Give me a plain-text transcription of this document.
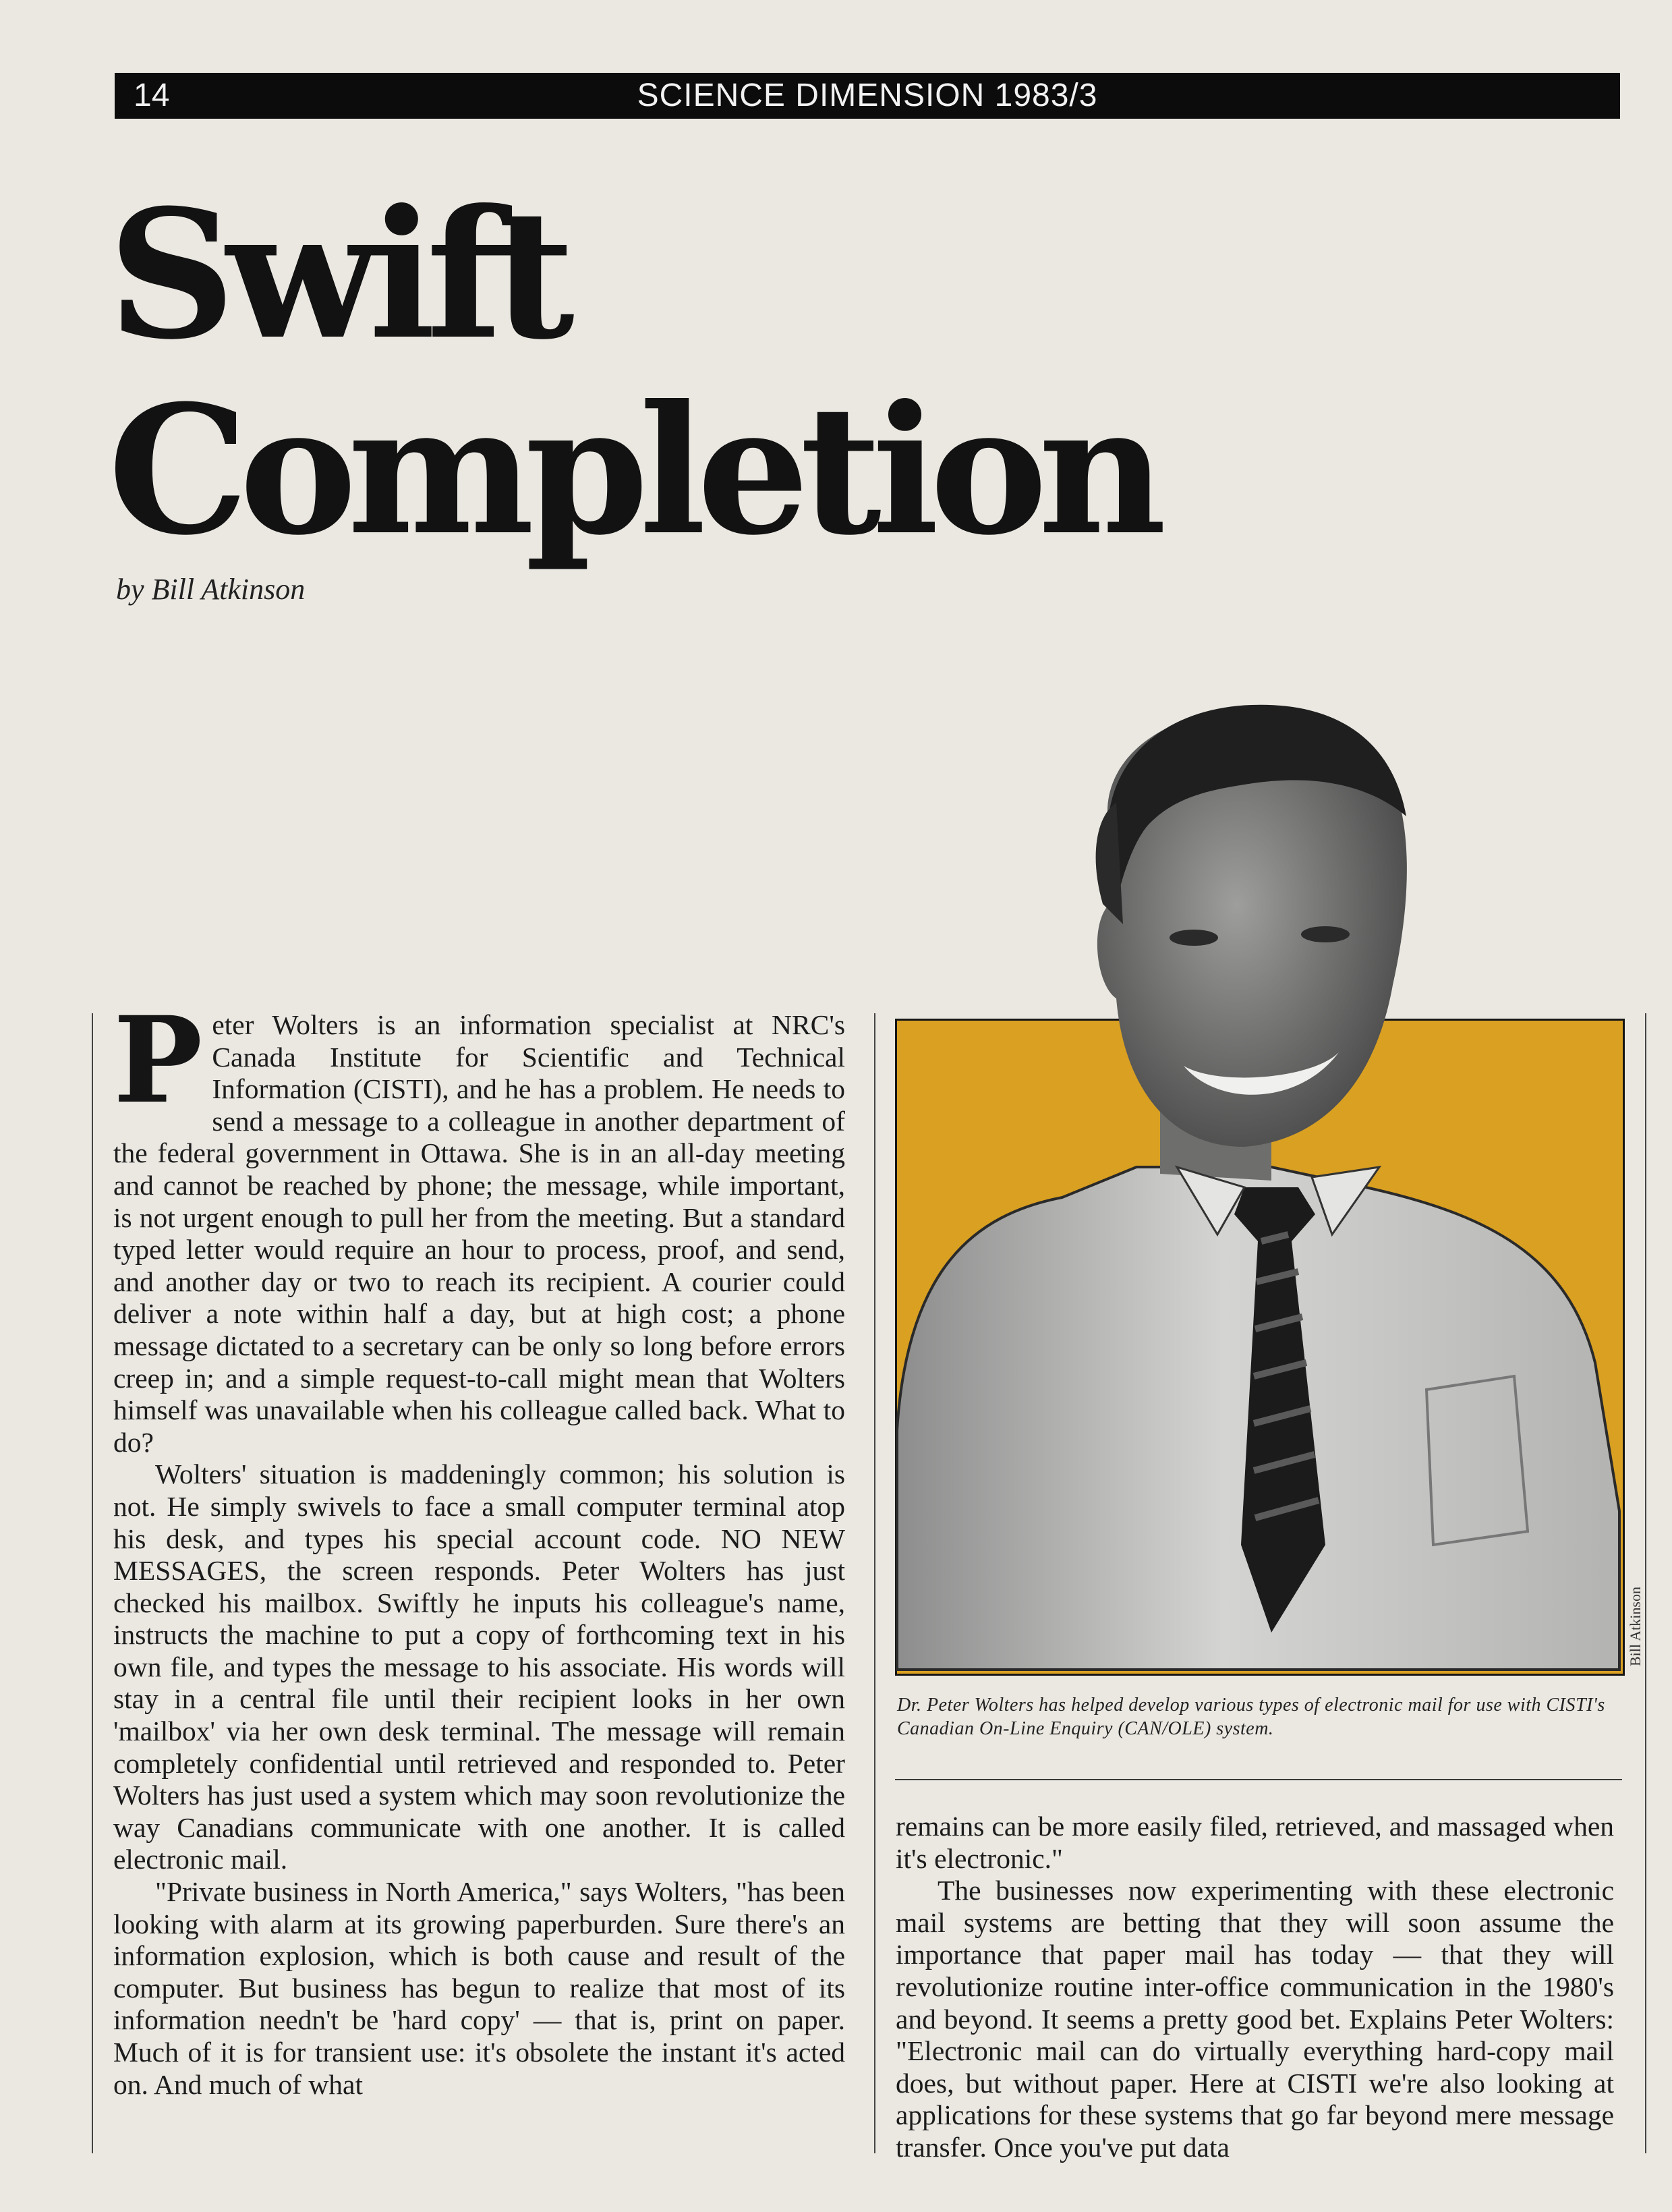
14	SCIENCE DIMENSION 1983/3
Swift
Completion
by Bill Atkinson

Peter Wolters is an information specialist at NRC's Canada Institute for Scientific and Technical Information (CISTI), and he has a problem. He needs to send a message to a colleague in another department of the federal government in Ottawa. She is in an all-day meeting and cannot be reached by phone; the message, while important, is not urgent enough to pull her from the meeting. But a standard typed letter would require an hour to process, proof, and send, and another day or two to reach its recipient. A courier could deliver a note within half a day, but at high cost; a phone message dictated to a secretary can be only so long before errors creep in; and a simple request-to-call might mean that Wolters himself was unavailable when his colleague called back. What to do?

Wolters' situation is maddeningly common; his solution is not. He simply swivels to face a small computer terminal atop his desk, and types his special account code. NO NEW MESSAGES, the screen responds. Peter Wolters has just checked his mailbox. Swiftly he inputs his colleague's name, instructs the machine to put a copy of forthcoming text in his own file, and types the message to his associate. His words will stay in a central file until their recipient looks in her own 'mailbox' via her own desk terminal. The message will remain completely confidential until retrieved and responded to. Peter Wolters has just used a system which may soon revolutionize the way Canadians communicate with one another. It is called electronic mail.

"Private business in North America," says Wolters, "has been looking with alarm at its growing paperburden. Sure there's an information explosion, which is both cause and result of the computer. But business has begun to realize that most of its information needn't be 'hard copy' — that is, print on paper. Much of it is for transient use: it's obsolete the instant it's acted on. And much of what

Bill Atkinson
Dr. Peter Wolters has helped develop various types of electronic mail for use with CISTI's Canadian On-Line Enquiry (CAN/OLE) system.

remains can be more easily filed, retrieved, and massaged when it's electronic."

The businesses now experimenting with these electronic mail systems are betting that they will soon assume the importance that paper mail has today — that they will revolutionize routine inter-office communication in the 1980's and beyond. It seems a pretty good bet. Explains Peter Wolters: "Electronic mail can do virtually everything hard-copy mail does, but without paper. Here at CISTI we're also looking at applications for these systems that go far beyond mere message transfer. Once you've put data
